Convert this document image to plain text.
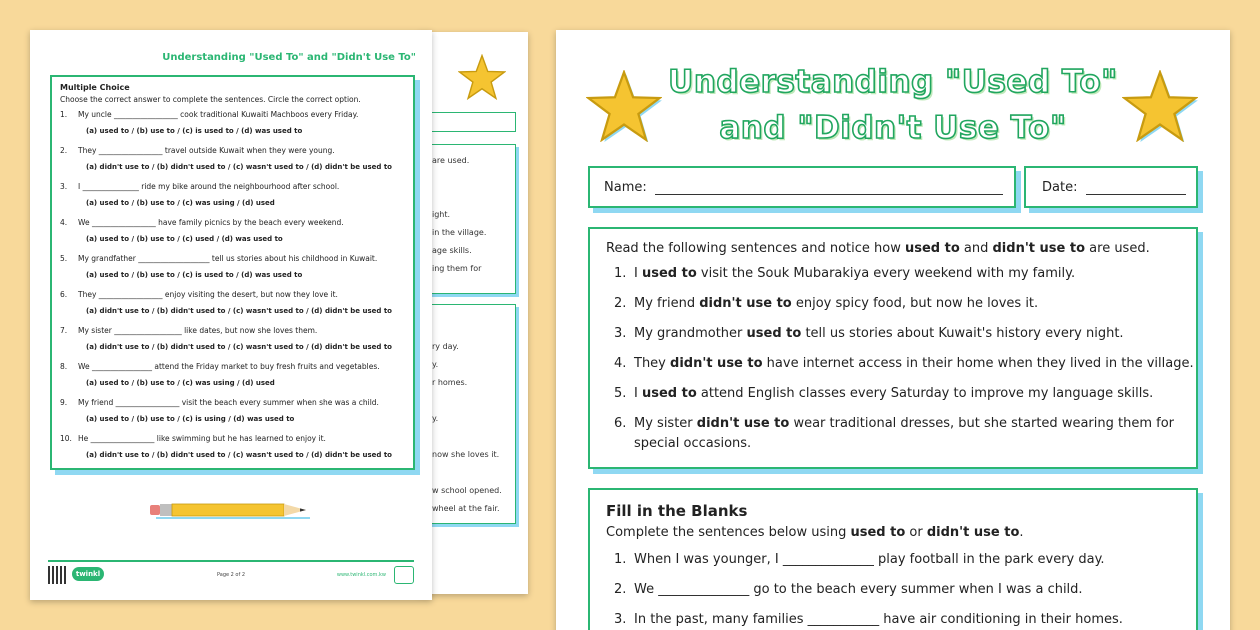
are used.
ight.
in the village.
age skills.
ing them for
ry day.
y.
r homes.
y.
now she loves it.
w school opened.
wheel at the fair.
Understanding "Used To" and "Didn't Use To"
Multiple Choice
Choose the correct answer to complete the sentences. Circle the correct option.
1.	My uncle _________________ cook traditional Kuwaiti Machboos every Friday.
(a) used to / (b) use to / (c) is used to / (d) was used to
2.	They _________________ travel outside Kuwait when they were young.
(a) didn't use to / (b) didn't used to / (c) wasn't used to / (d) didn't be used to
3.	I _______________ ride my bike around the neighbourhood after school.
(a) used to / (b) use to / (c) was using / (d) used
4.	We _________________ have family picnics by the beach every weekend.
(a) used to / (b) use to / (c) used / (d) was used to
5.	My grandfather ___________________ tell us stories about his childhood in Kuwait.
(a) used to / (b) use to / (c) is used to / (d) was used to
6.	They _________________ enjoy visiting the desert, but now they love it.
(a) didn't use to / (b) didn't used to / (c) wasn't used to / (d) didn't be used to
7.	My sister __________________ like dates, but now she loves them.
(a) didn't use to / (b) didn't used to / (c) wasn't used to / (d) didn't be used to
8.	We ________________ attend the Friday market to buy fresh fruits and vegetables.
(a) used to / (b) use to / (c) was using / (d) used
9.	My friend _________________ visit the beach every summer when she was a child.
(a) used to / (b) use to / (c) is using / (d) was used to
10. He _________________ like swimming but he has learned to enjoy it.
(a) didn't use to / (b) didn't used to / (c) wasn't used to / (d) didn't be used to
twinkl	Page 2 of 2	www.twinkl.com.kw
Understanding "Used To"
and "Didn't Use To"
Name:	Date:
Read the following sentences and notice how used to and didn't use to are used.
1. I used to visit the Souk Mubarakiya every weekend with my family.
2. My friend didn't use to enjoy spicy food, but now he loves it.
3. My grandmother used to tell us stories about Kuwait's history every night.
4. They didn't use to have internet access in their home when they lived in the village.
5. I used to attend English classes every Saturday to improve my language skills.
6. My sister didn't use to wear traditional dresses, but she started wearing them for special occasions.
Fill in the Blanks
Complete the sentences below using used to or didn't use to.
1. When I was younger, I ______________ play football in the park every day.
2. We ______________ go to the beach every summer when I was a child.
3. In the past, many families ___________ have air conditioning in their homes.
